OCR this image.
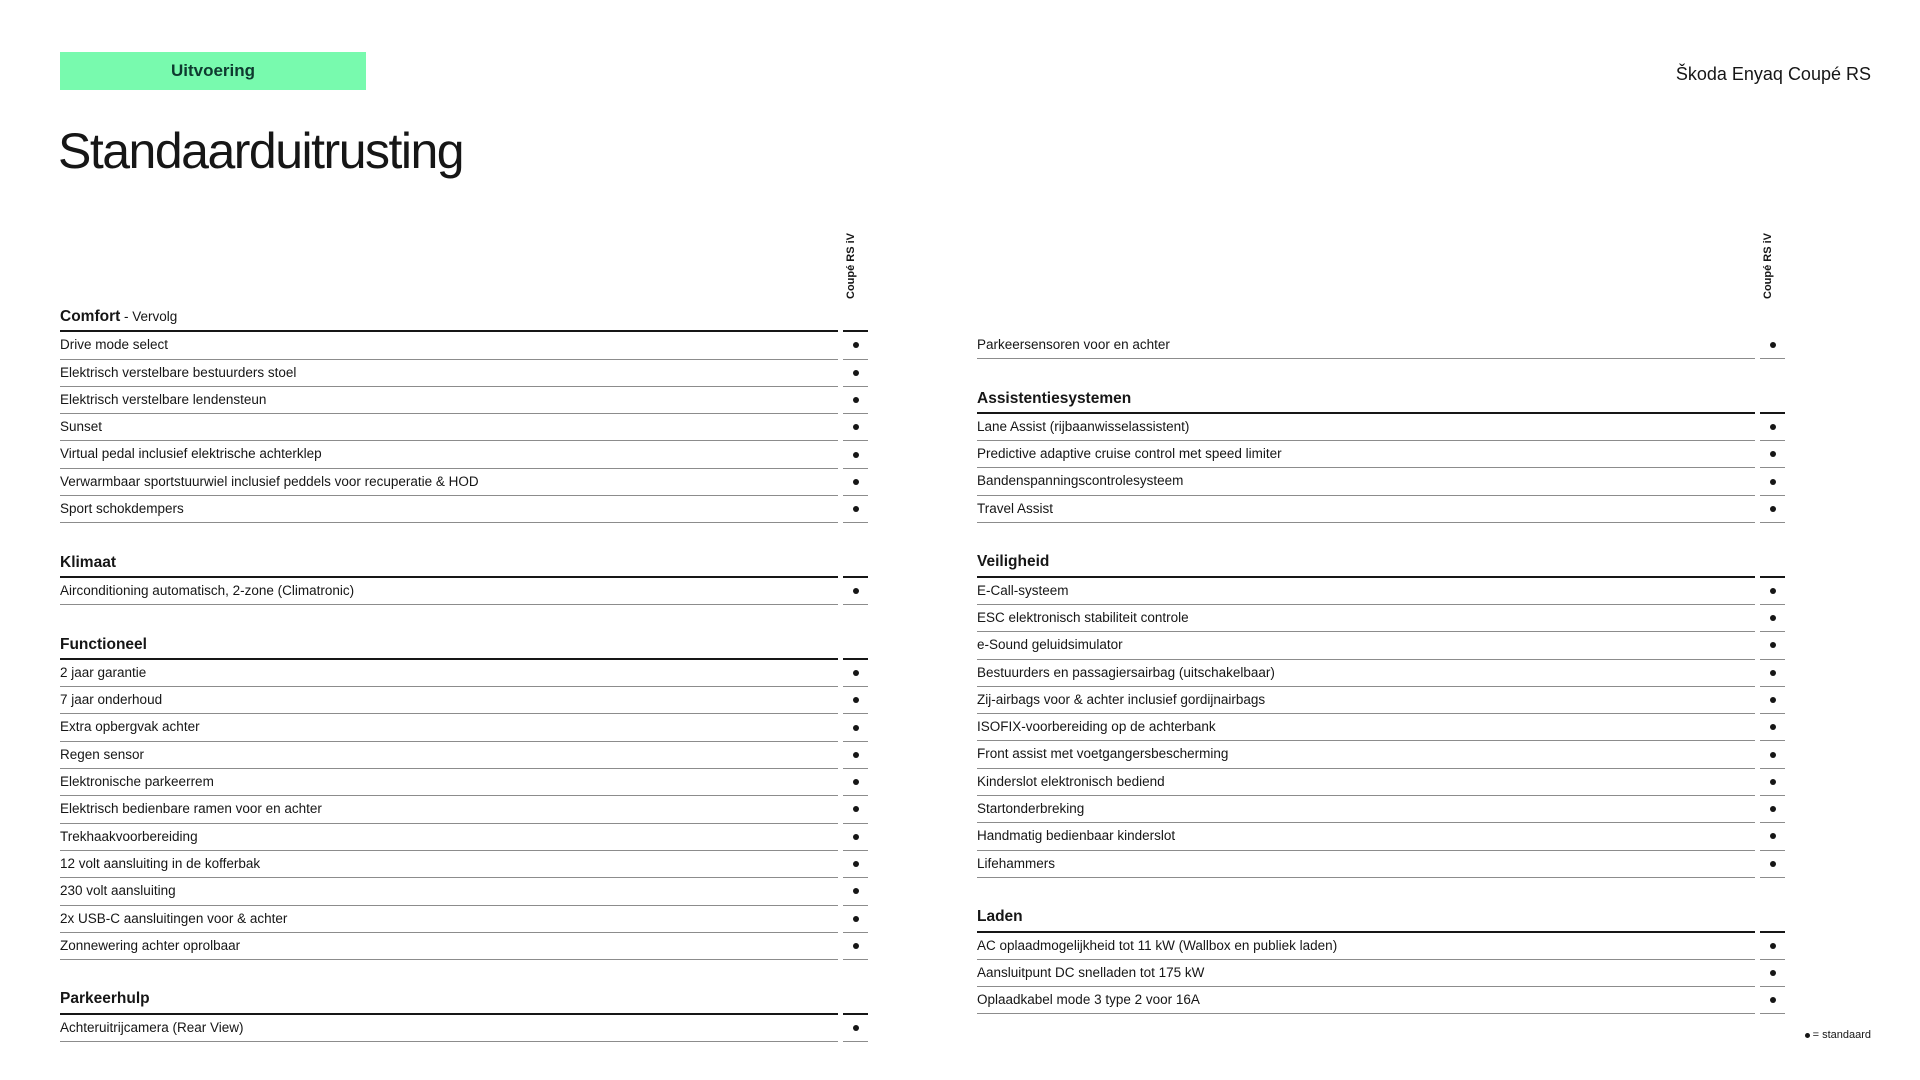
Uitvoering	Škoda Enyaq Coupé RS
Standaarduitrusting
Coupé RS iV	Coupé RS iV
Comfort - Vervolg
Drive mode select
Elektrisch verstelbare bestuurders stoel
Elektrisch verstelbare lendensteun
Sunset
Virtual pedal inclusief elektrische achterklep
Verwarmbaar sportstuurwiel inclusief peddels voor recuperatie & HOD
Sport schokdempers
Klimaat
Airconditioning automatisch, 2-zone (Climatronic)
Functioneel
2 jaar garantie
7 jaar onderhoud
Extra opbergvak achter
Regen sensor
Elektronische parkeerrem
Elektrisch bedienbare ramen voor en achter
Trekhaakvoorbereiding
12 volt aansluiting in de kofferbak
230 volt aansluiting
2x USB-C aansluitingen voor & achter
Zonnewering achter oprolbaar
Parkeerhulp
Achteruitrijcamera (Rear View)
Parkeersensoren voor en achter
Assistentiesystemen
Lane Assist (rijbaanwisselassistent)
Predictive adaptive cruise control met speed limiter
Bandenspanningscontrolesysteem
Travel Assist
Veiligheid
E-Call-systeem
ESC elektronisch stabiliteit controle
e-Sound geluidsimulator
Bestuurders en passagiersairbag (uitschakelbaar)
Zij-airbags voor & achter inclusief gordijnairbags
ISOFIX-voorbereiding op de achterbank
Front assist met voetgangersbescherming
Kinderslot elektronisch bediend
Startonderbreking
Handmatig bedienbaar kinderslot
Lifehammers
Laden
AC oplaadmogelijkheid tot 11 kW (Wallbox en publiek laden)
Aansluitpunt DC snelladen tot 175 kW
Oplaadkabel mode 3 type 2 voor 16A
= standaard
